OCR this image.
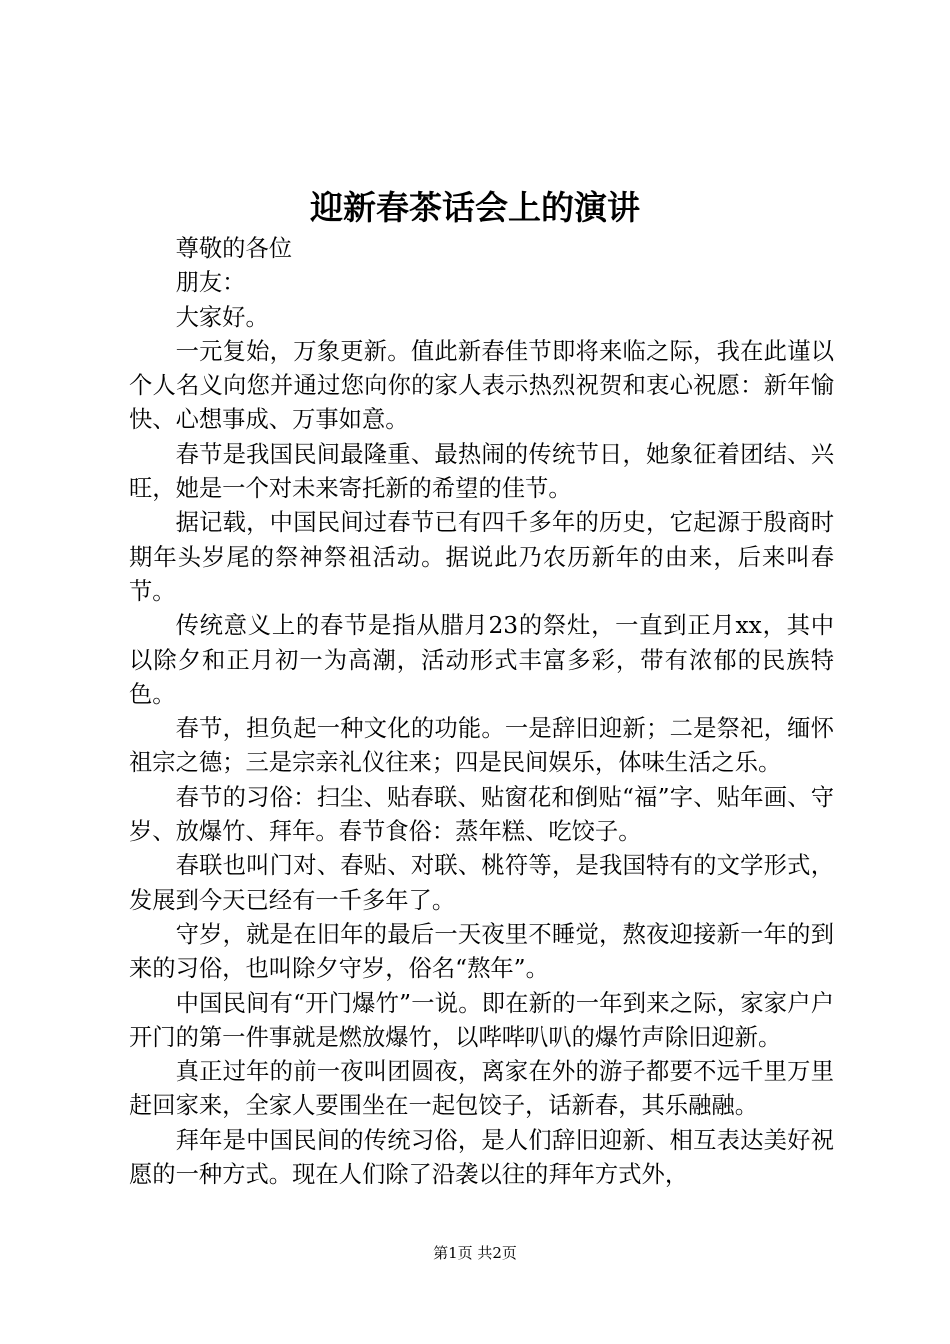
迎新春茶话会上的演讲

尊敬的各位

朋友：

大家好。

一元复始，万象更新。值此新春佳节即将来临之际，我在此谨以个人名义向您并通过您向你的家人表示热烈祝贺和衷心祝愿：新年愉快、心想事成、万事如意。

春节是我国民间最隆重、最热闹的传统节日，她象征着团结、兴旺，她是一个对未来寄托新的希望的佳节。

据记载，中国民间过春节已有四千多年的历史，它起源于殷商时期年头岁尾的祭神祭祖活动。据说此乃农历新年的由来，后来叫春节。

传统意义上的春节是指从腊月23的祭灶，一直到正月xx，其中以除夕和正月初一为高潮，活动形式丰富多彩，带有浓郁的民族特色。

春节，担负起一种文化的功能。一是辞旧迎新；二是祭祀，缅怀祖宗之德；三是宗亲礼仪往来；四是民间娱乐，体味生活之乐。

春节的习俗：扫尘、贴春联、贴窗花和倒贴“福”字、贴年画、守岁、放爆竹、拜年。春节食俗：蒸年糕、吃饺子。

春联也叫门对、春贴、对联、桃符等，是我国特有的文学形式，发展到今天已经有一千多年了。

守岁，就是在旧年的最后一天夜里不睡觉，熬夜迎接新一年的到来的习俗，也叫除夕守岁，俗名“熬年”。

中国民间有“开门爆竹”一说。即在新的一年到来之际，家家户户开门的第一件事就是燃放爆竹，以哔哔叭叭的爆竹声除旧迎新。

真正过年的前一夜叫团圆夜，离家在外的游子都要不远千里万里赶回家来，全家人要围坐在一起包饺子，话新春，其乐融融。

拜年是中国民间的传统习俗，是人们辞旧迎新、相互表达美好祝愿的一种方式。现在人们除了沿袭以往的拜年方式外，

第1页 共2页
